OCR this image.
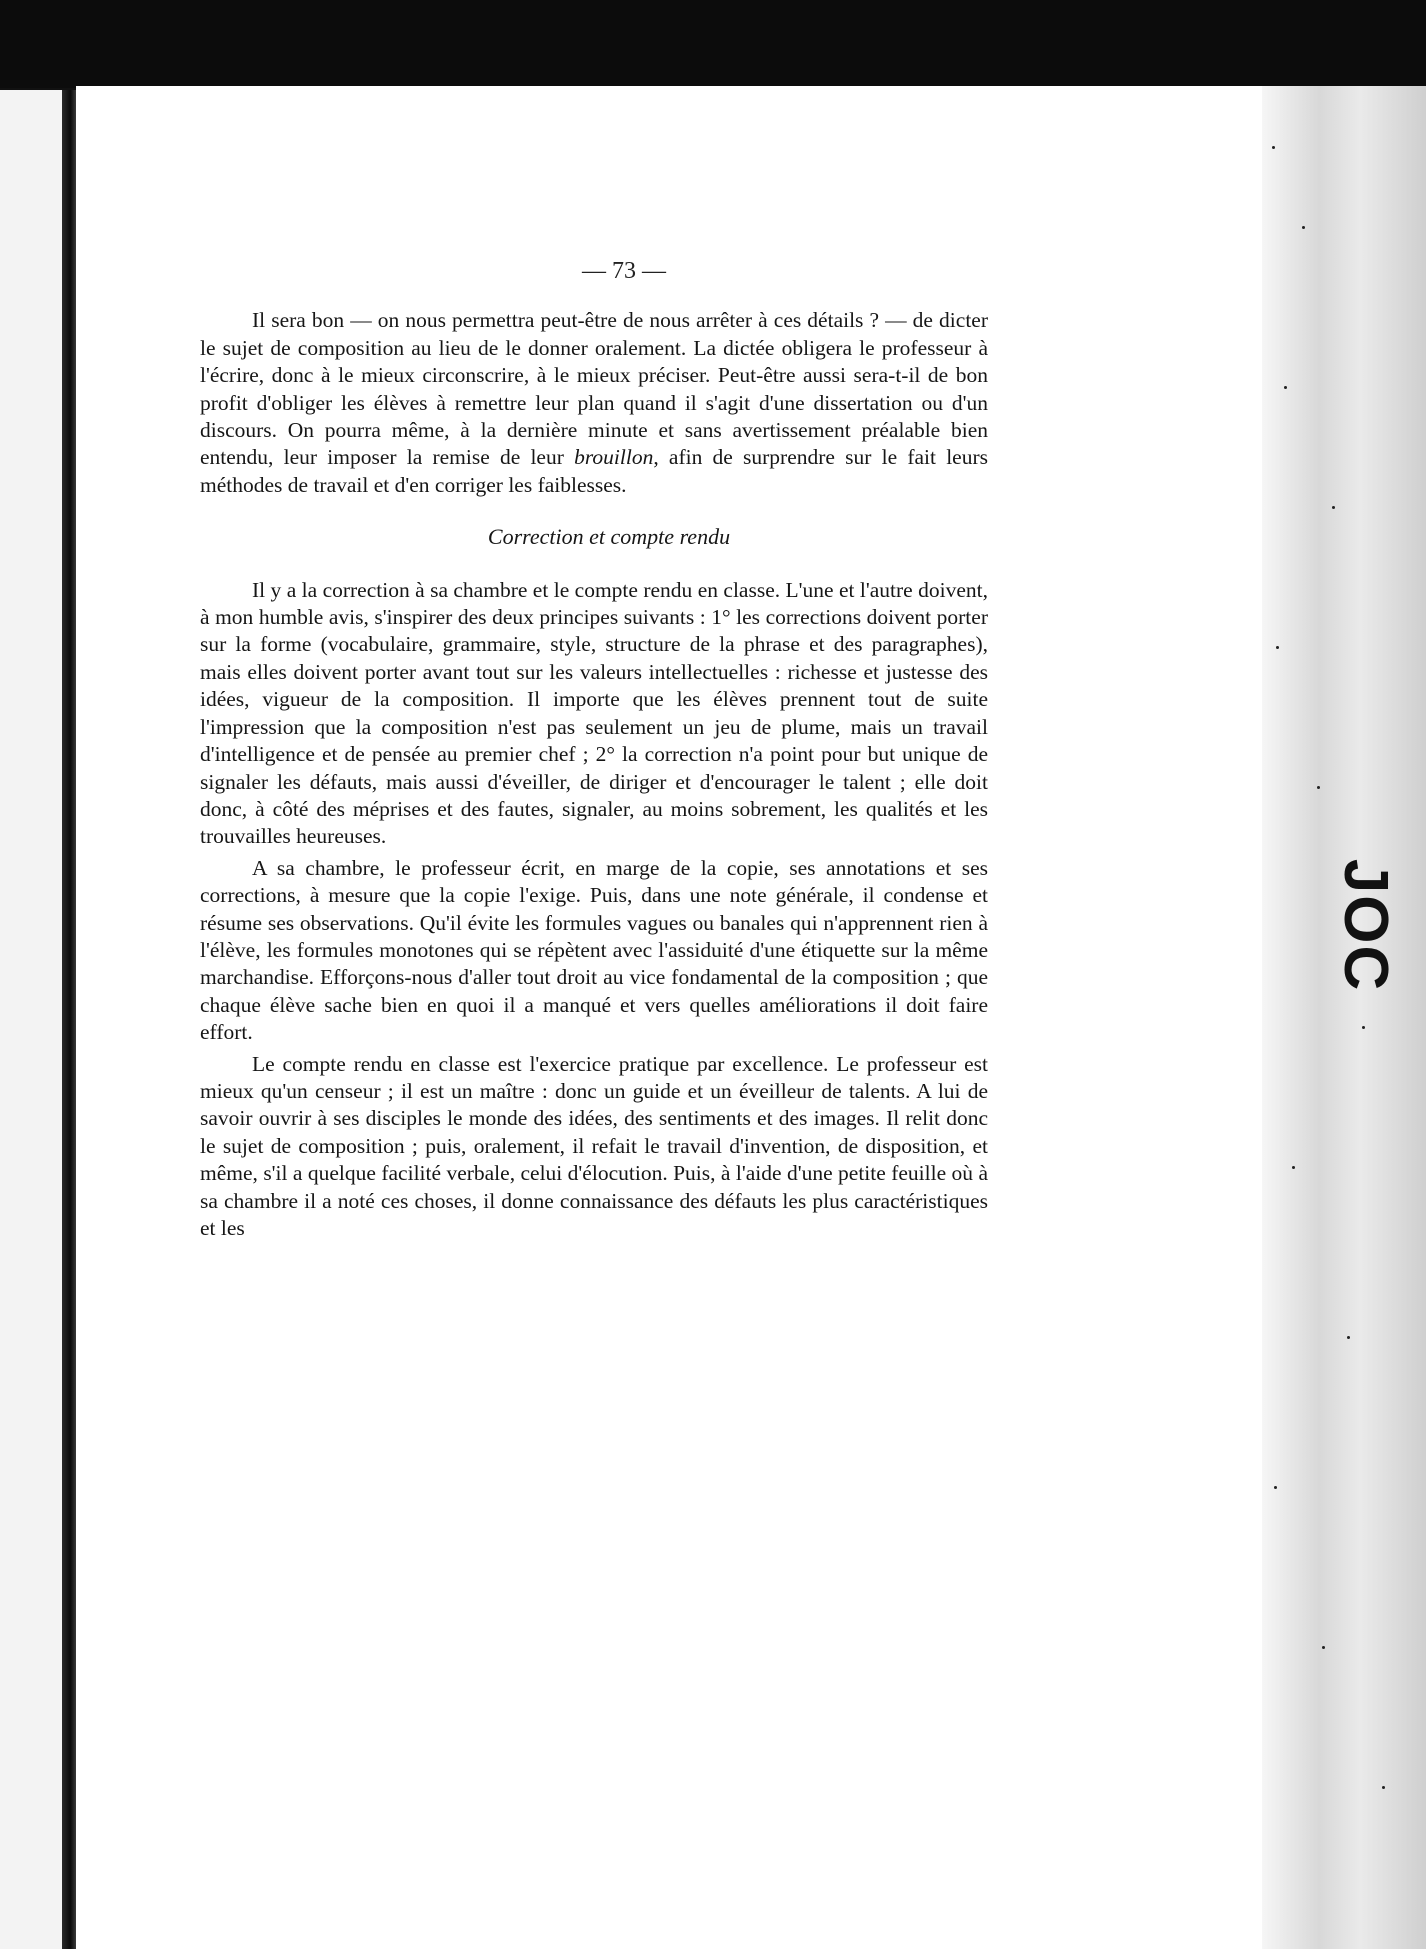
JOC
— 73 —

Il sera bon — on nous permettra peut-être de nous arrêter à ces détails ? — de dicter le sujet de composition au lieu de le donner oralement. La dictée obligera le professeur à l'écrire, donc à le mieux circonscrire, à le mieux préciser. Peut-être aussi sera-t-il de bon profit d'obliger les élèves à remettre leur plan quand il s'agit d'une dissertation ou d'un discours. On pourra même, à la dernière minute et sans avertissement préalable bien entendu, leur imposer la remise de leur brouillon, afin de surprendre sur le fait leurs méthodes de travail et d'en corriger les faiblesses.

Correction et compte rendu

Il y a la correction à sa chambre et le compte rendu en classe. L'une et l'autre doivent, à mon humble avis, s'inspirer des deux principes suivants : 1° les corrections doivent porter sur la forme (vocabulaire, grammaire, style, structure de la phrase et des paragraphes), mais elles doivent porter avant tout sur les valeurs intellectuelles : richesse et justesse des idées, vigueur de la composition. Il importe que les élèves prennent tout de suite l'impression que la composition n'est pas seulement un jeu de plume, mais un travail d'intelligence et de pensée au premier chef ; 2° la correction n'a point pour but unique de signaler les défauts, mais aussi d'éveiller, de diriger et d'encourager le talent ; elle doit donc, à côté des méprises et des fautes, signaler, au moins sobrement, les qualités et les trouvailles heureuses.

A sa chambre, le professeur écrit, en marge de la copie, ses annotations et ses corrections, à mesure que la copie l'exige. Puis, dans une note générale, il condense et résume ses observations. Qu'il évite les formules vagues ou banales qui n'apprennent rien à l'élève, les formules monotones qui se répètent avec l'assiduité d'une étiquette sur la même marchandise. Efforçons-nous d'aller tout droit au vice fondamental de la composition ; que chaque élève sache bien en quoi il a manqué et vers quelles améliorations il doit faire effort.

Le compte rendu en classe est l'exercice pratique par excellence. Le professeur est mieux qu'un censeur ; il est un maître : donc un guide et un éveilleur de talents. A lui de savoir ouvrir à ses disciples le monde des idées, des sentiments et des images. Il relit donc le sujet de composition ; puis, oralement, il refait le travail d'invention, de disposition, et même, s'il a quelque facilité verbale, celui d'élocution. Puis, à l'aide d'une petite feuille où à sa chambre il a noté ces choses, il donne connaissance des défauts les plus caractéristiques et les
